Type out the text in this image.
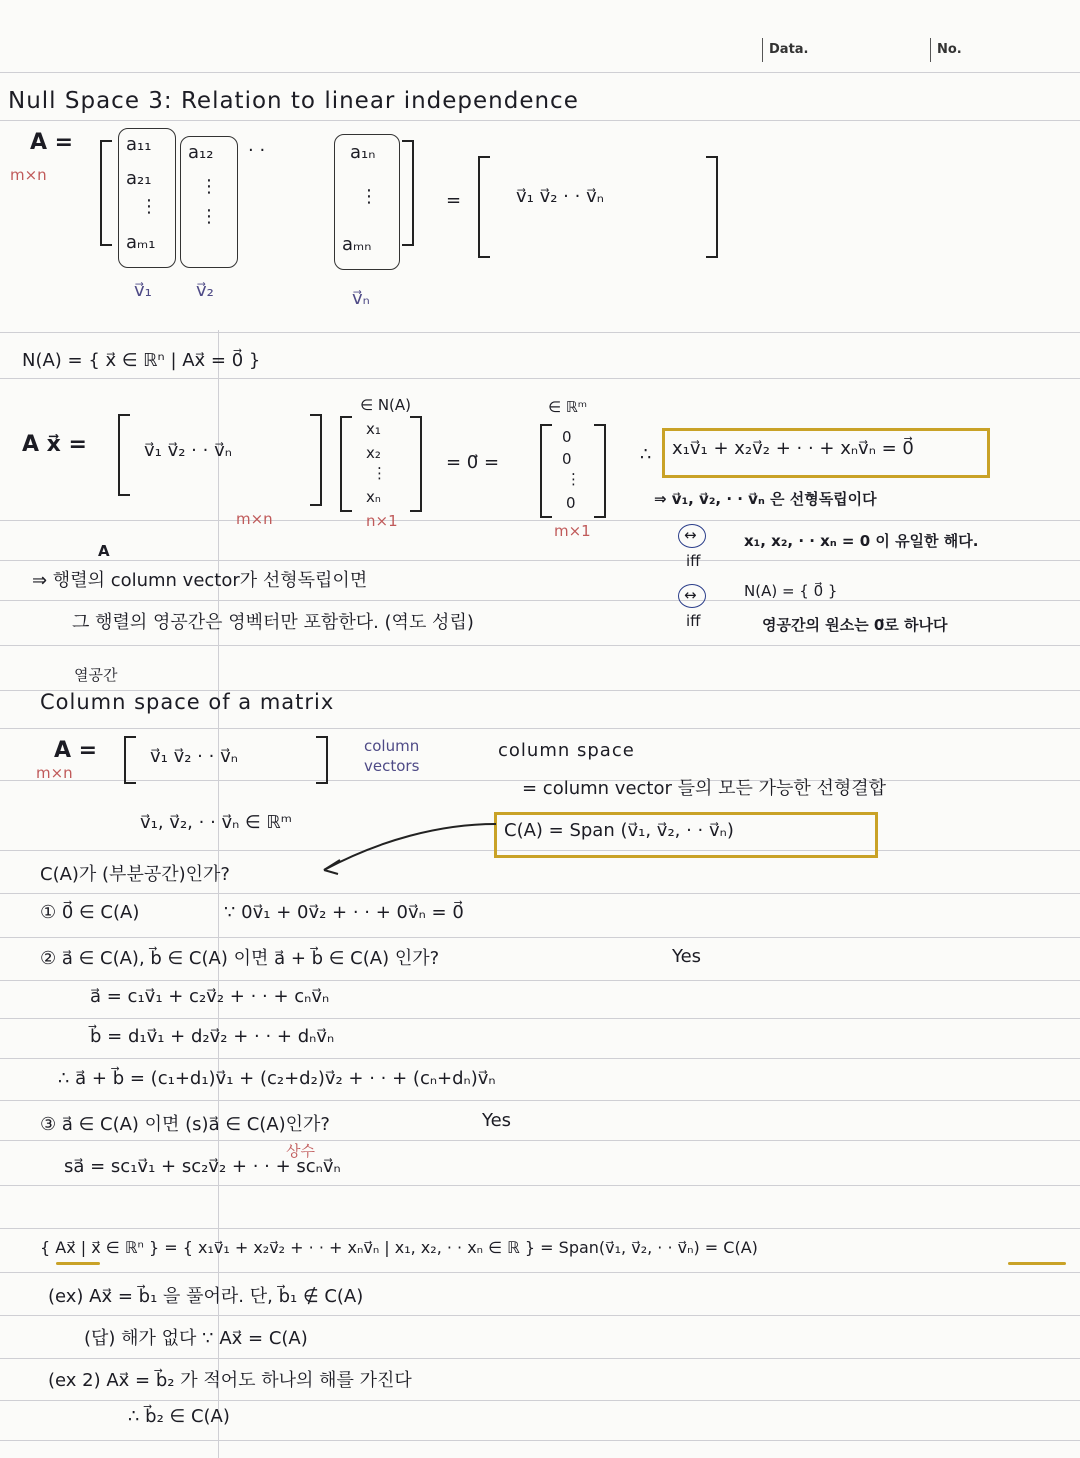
Data.	No.
Null Space 3: Relation to linear independence
A =
m×n
a₁₁
a₂₁
⋮
aₘ₁
a₁₂
⋮
⋮
· ·	a₁ₙ
⋮
aₘₙ
v⃗₁ v⃗₂	v⃗ₙ
=	v⃗₁ v⃗₂ · · v⃗ₙ
N(A) = { x⃗ ∈ ℝⁿ | Ax⃗ = 0⃗ }
A x⃗ =	v⃗₁ v⃗₂ · · v⃗ₙ
∈ N(A)
x₁
x₂
⋮
xₙ
= 0⃗ =
∈ ℝᵐ
0
0
⋮
0
m×n	n×1
m×1
∴ x₁v⃗₁ + x₂v⃗₂ + · · + xₙv⃗ₙ = 0⃗
⇒ v⃗₁, v⃗₂, · · v⃗ₙ 은 선형독립이다
↔
iff
x₁, x₂, · · xₙ = 0 이 유일한 해다.
↔
iff
N(A) = { 0⃗ }
영공간의 원소는 0⃗로 하나다
A
⇒ 행렬의 column vector가 선형독립이면
그 행렬의 영공간은 영벡터만 포함한다. (역도 성립)
열공간
Column space of a matrix
A =
m×n
v⃗₁ v⃗₂ · · v⃗ₙ	column vectors
v⃗₁, v⃗₂, · · v⃗ₙ ∈ ℝᵐ
column space
= column vector 들의 모든 가능한 선형결합
C(A) = Span (v⃗₁, v⃗₂, · · v⃗ₙ)
C(A)가 (부분공간)인가?
① 0⃗ ∈ C(A)	∵ 0v⃗₁ + 0v⃗₂ + · · + 0v⃗ₙ = 0⃗
② a⃗ ∈ C(A), b⃗ ∈ C(A) 이면 a⃗ + b⃗ ∈ C(A) 인가?	Yes
a⃗ = c₁v⃗₁ + c₂v⃗₂ + · · + cₙv⃗ₙ
b⃗ = d₁v⃗₁ + d₂v⃗₂ + · · + dₙv⃗ₙ
∴ a⃗ + b⃗ = (c₁+d₁)v⃗₁ + (c₂+d₂)v⃗₂ + · · + (cₙ+dₙ)v⃗ₙ
③ a⃗ ∈ C(A) 이면 (s)a⃗ ∈ C(A)인가?	Yes
상수
sa⃗ = sc₁v⃗₁ + sc₂v⃗₂ + · · + scₙv⃗ₙ
{ Ax⃗ | x⃗ ∈ ℝⁿ } = { x₁v⃗₁ + x₂v⃗₂ + · · + xₙv⃗ₙ | x₁, x₂, · · xₙ ∈ ℝ } = Span(v⃗₁, v⃗₂, · · v⃗ₙ) = C(A)
(ex) Ax⃗ = b⃗₁ 을 풀어라. 단, b⃗₁ ∉ C(A)
(답) 해가 없다 ∵ Ax⃗ = C(A)
(ex 2) Ax⃗ = b⃗₂ 가 적어도 하나의 해를 가진다
∴ b⃗₂ ∈ C(A)
